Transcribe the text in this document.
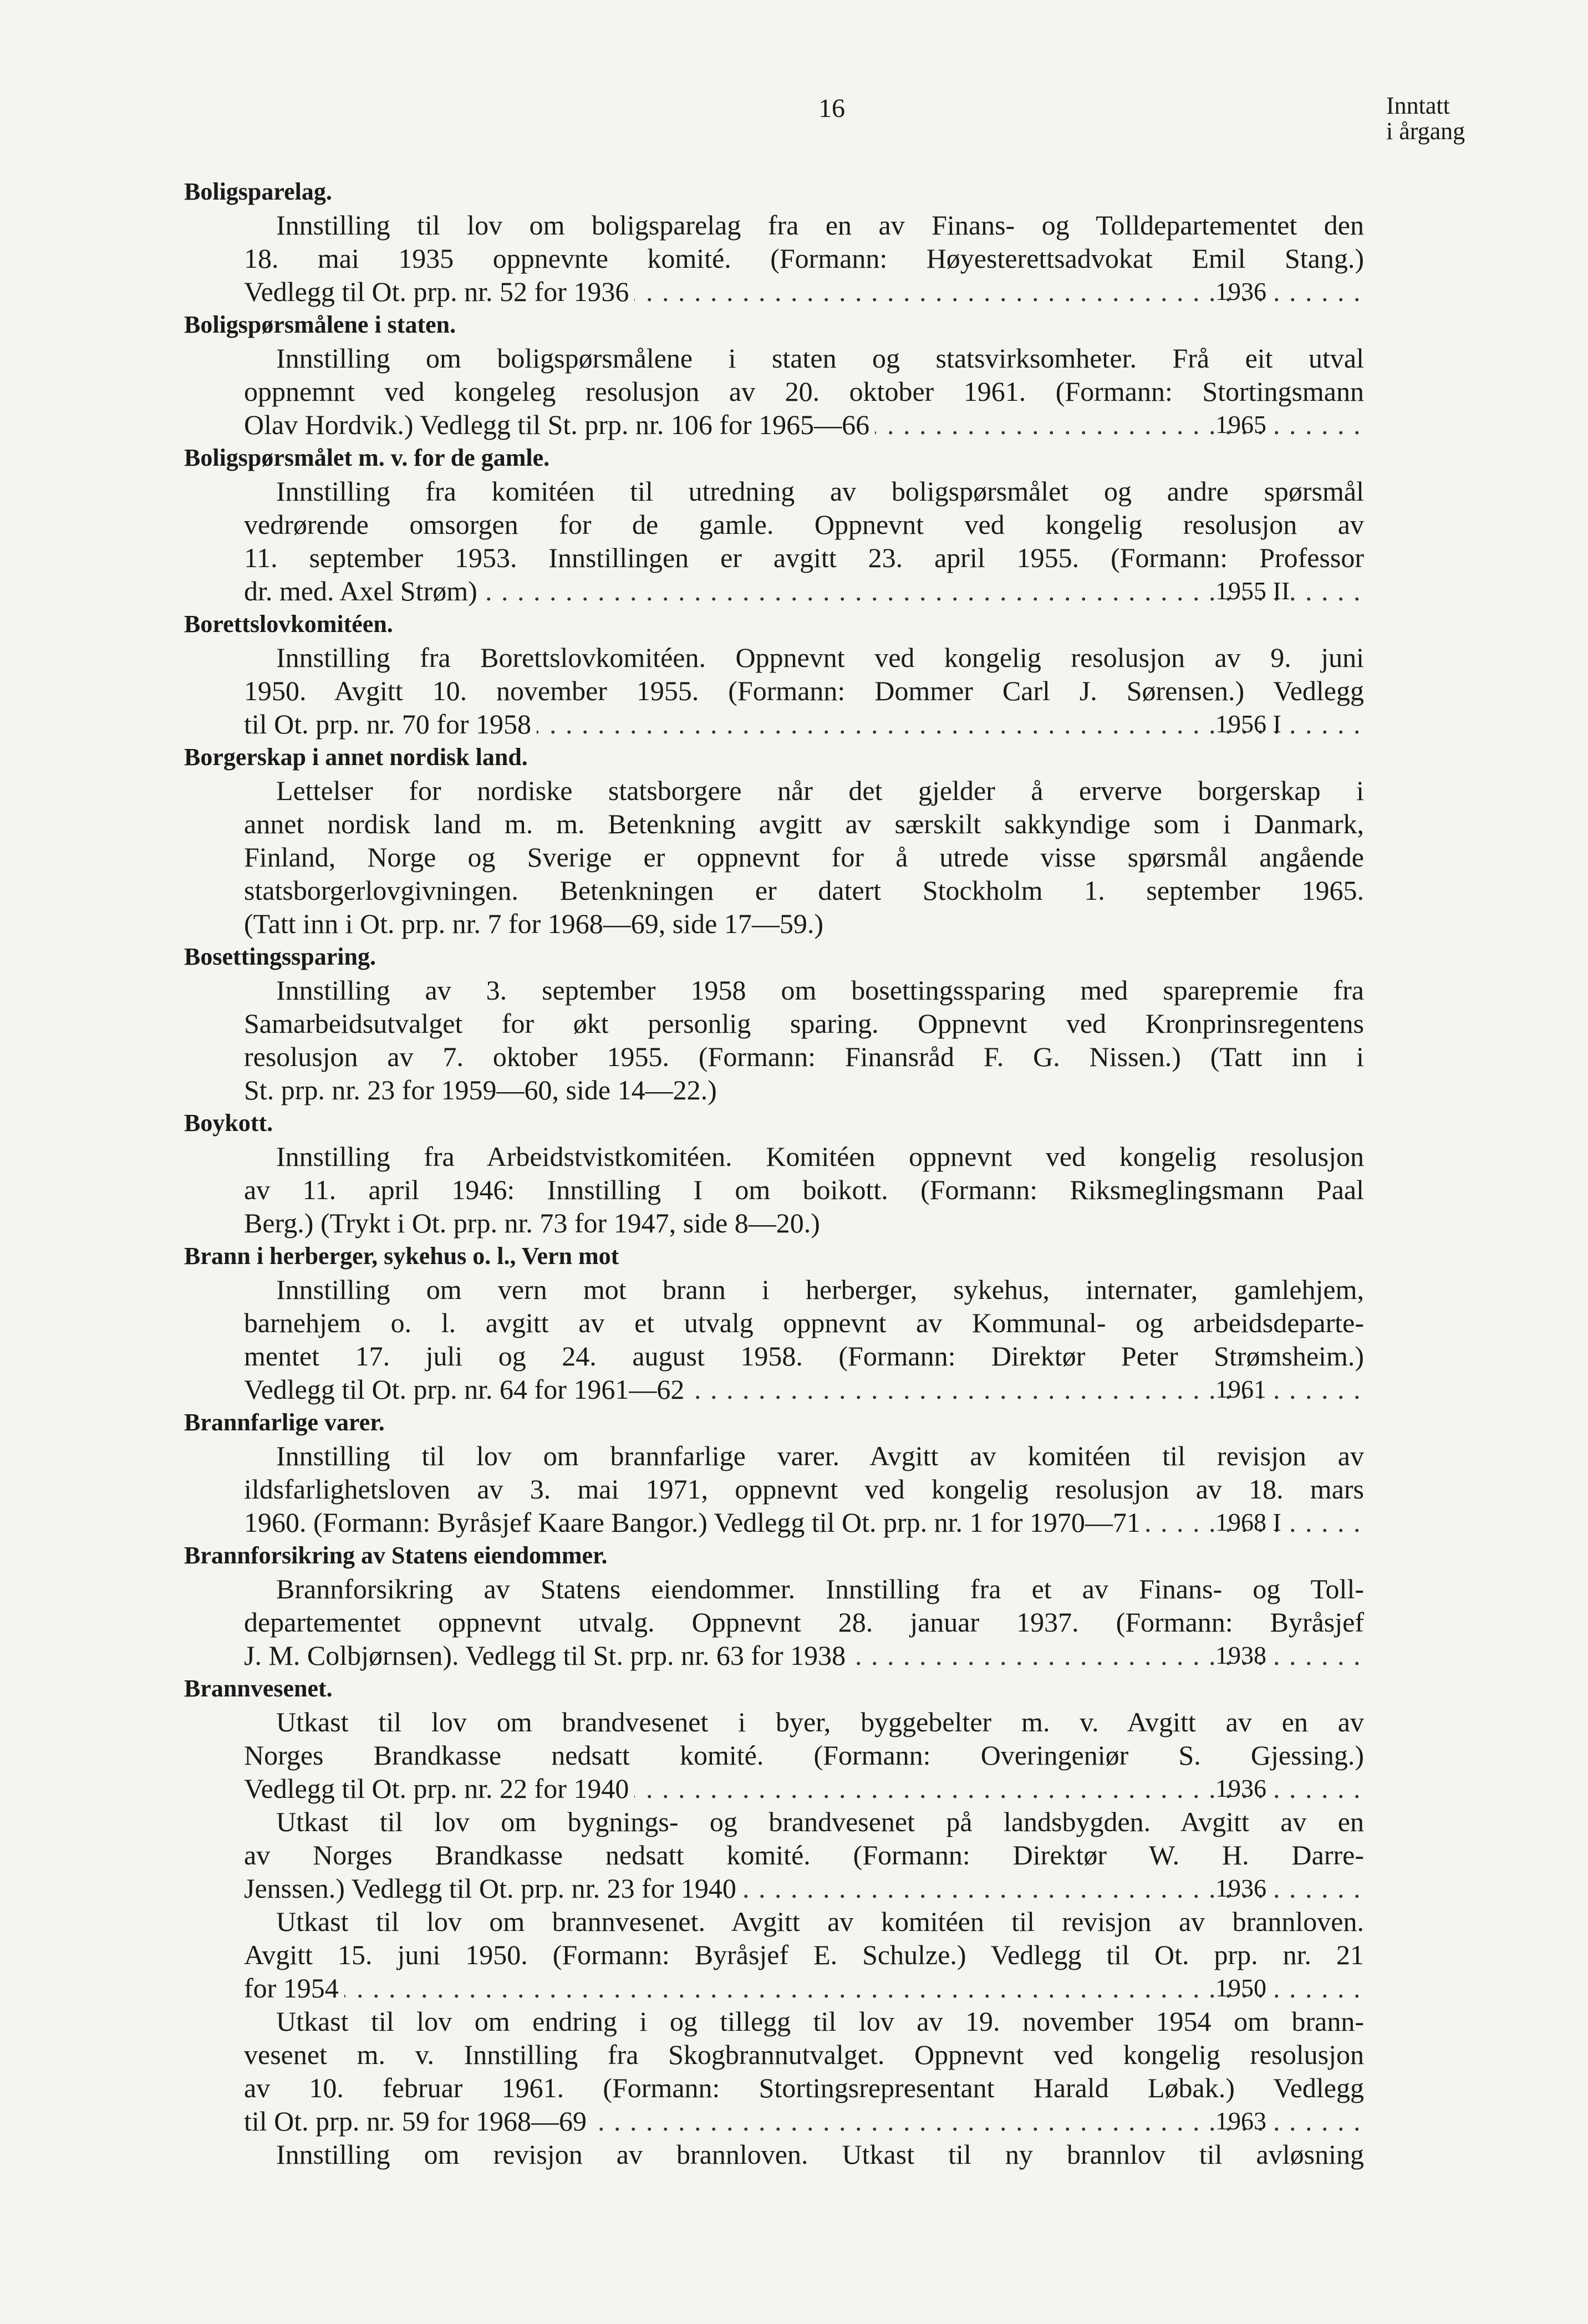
16	Inntatt
i årgang
Boligsparelag.
Innstilling til lov om boligsparelag fra en av Finans- og Tolldepartementet den
18. mai 1935 oppnevnte komité. (Formann: Høyesterettsadvokat Emil Stang.)
Vedlegg til Ot. prp. nr. 52 for 1936 . . .	1936
Boligspørsmålene i staten.
Innstilling om boligspørsmålene i staten og statsvirksomheter. Frå eit utval
oppnemnt ved kongeleg resolusjon av 20. oktober 1961. (Formann: Stortingsmann
Olav Hordvik.) Vedlegg til St. prp. nr. 106 for 1965—66 . . .	1965
Boligspørsmålet m. v. for de gamle.
Innstilling fra komitéen til utredning av boligspørsmålet og andre spørsmål
vedrørende omsorgen for de gamle. Oppnevnt ved kongelig resolusjon av
11. september 1953. Innstillingen er avgitt 23. april 1955. (Formann: Professor
dr. med. Axel Strøm) . . .	1955 II
Borettslovkomitéen.
Innstilling fra Borettslovkomitéen. Oppnevnt ved kongelig resolusjon av 9. juni
1950. Avgitt 10. november 1955. (Formann: Dommer Carl J. Sørensen.) Vedlegg
til Ot. prp. nr. 70 for 1958 . . .	1956 I
Borgerskap i annet nordisk land.
Lettelser for nordiske statsborgere når det gjelder å erverve borgerskap i
annet nordisk land m. m. Betenkning avgitt av særskilt sakkyndige som i Danmark,
Finland, Norge og Sverige er oppnevnt for å utrede visse spørsmål angående
statsborgerlovgivningen. Betenkningen er datert Stockholm 1. september 1965.
(Tatt inn i Ot. prp. nr. 7 for 1968—69, side 17—59.)
Bosettingssparing.
Innstilling av 3. september 1958 om bosettingssparing med sparepremie fra
Samarbeidsutvalget for økt personlig sparing. Oppnevnt ved Kronprinsregentens
resolusjon av 7. oktober 1955. (Formann: Finansråd F. G. Nissen.) (Tatt inn i
St. prp. nr. 23 for 1959—60, side 14—22.)
Boykott.
Innstilling fra Arbeidstvistkomitéen. Komitéen oppnevnt ved kongelig resolusjon
av 11. april 1946: Innstilling I om boikott. (Formann: Riksmeglingsmann Paal
Berg.) (Trykt i Ot. prp. nr. 73 for 1947, side 8—20.)
Brann i herberger, sykehus o. l., Vern mot
Innstilling om vern mot brann i herberger, sykehus, internater, gamlehjem,
barnehjem o. l. avgitt av et utvalg oppnevnt av Kommunal- og arbeidsdeparte-
mentet 17. juli og 24. august 1958. (Formann: Direktør Peter Strømsheim.)
Vedlegg til Ot. prp. nr. 64 for 1961—62 . . .	1961
Brannfarlige varer.
Innstilling til lov om brannfarlige varer. Avgitt av komitéen til revisjon av
ildsfarlighetsloven av 3. mai 1971, oppnevnt ved kongelig resolusjon av 18. mars
1960. (Formann: Byråsjef Kaare Bangor.) Vedlegg til Ot. prp. nr. 1 for 1970—71 . . .	1968 I
Brannforsikring av Statens eiendommer.
Brannforsikring av Statens eiendommer. Innstilling fra et av Finans- og Toll-
departementet oppnevnt utvalg. Oppnevnt 28. januar 1937. (Formann: Byråsjef
J. M. Colbjørnsen). Vedlegg til St. prp. nr. 63 for 1938 . . .	1938
Brannvesenet.
Utkast til lov om brandvesenet i byer, byggebelter m. v. Avgitt av en av
Norges Brandkasse nedsatt komité. (Formann: Overingeniør S. Gjessing.)
Vedlegg til Ot. prp. nr. 22 for 1940 . . .	1936
Utkast til lov om bygnings- og brandvesenet på landsbygden. Avgitt av en
av Norges Brandkasse nedsatt komité. (Formann: Direktør W. H. Darre-
Jenssen.) Vedlegg til Ot. prp. nr. 23 for 1940 . . .	1936
Utkast til lov om brannvesenet. Avgitt av komitéen til revisjon av brannloven.
Avgitt 15. juni 1950. (Formann: Byråsjef E. Schulze.) Vedlegg til Ot. prp. nr. 21
for 1954 . . .	1950
Utkast til lov om endring i og tillegg til lov av 19. november 1954 om brann-
vesenet m. v. Innstilling fra Skogbrannutvalget. Oppnevnt ved kongelig resolusjon
av 10. februar 1961. (Formann: Stortingsrepresentant Harald Løbak.) Vedlegg
til Ot. prp. nr. 59 for 1968—69 . . .	1963
Innstilling om revisjon av brannloven. Utkast til ny brannlov til avløsning
